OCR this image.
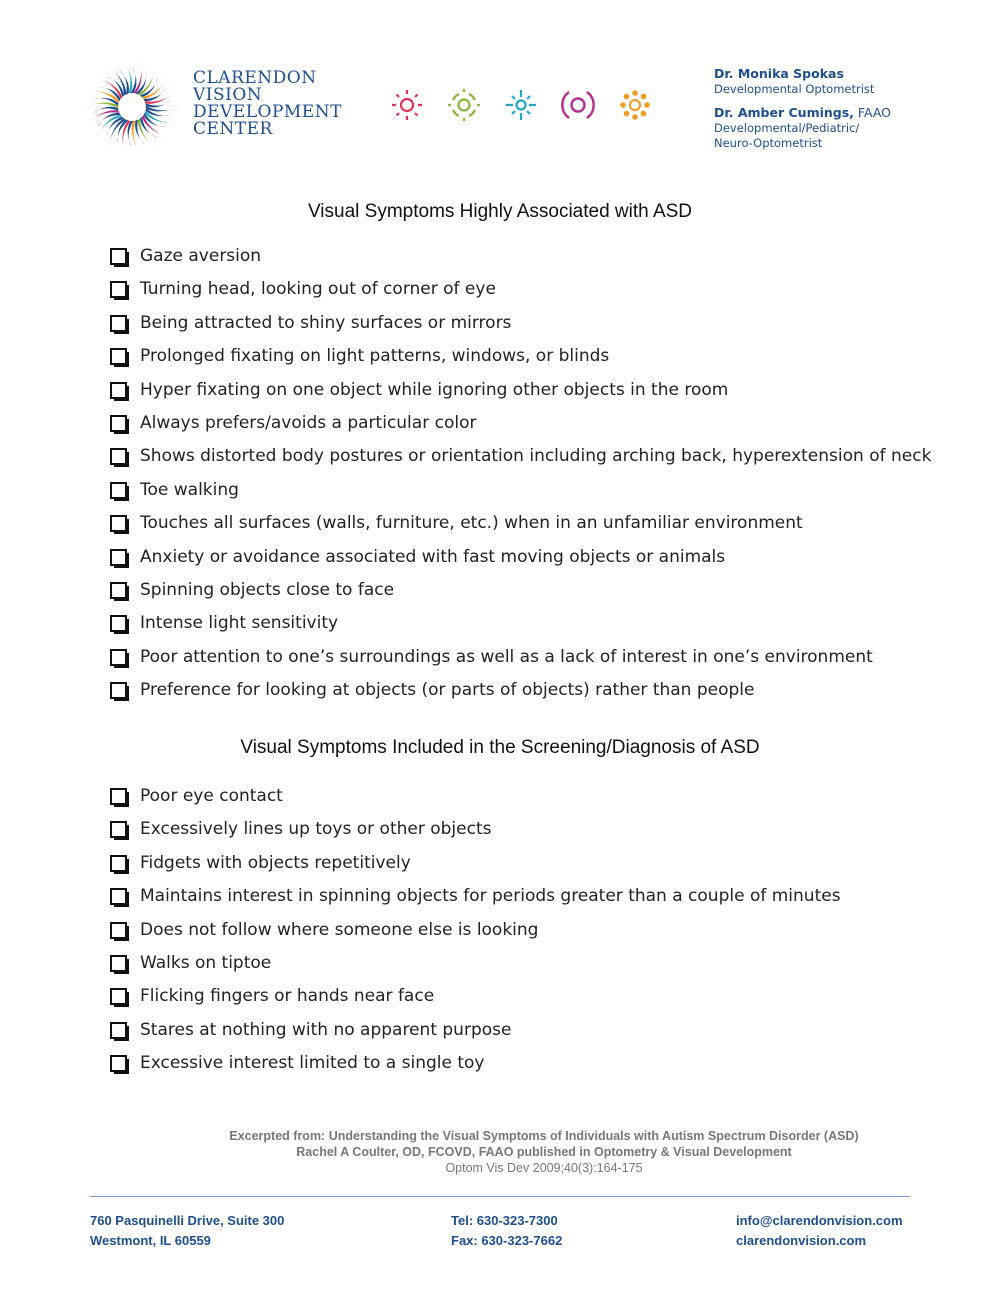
CLARENDON
VISION
DEVELOPMENT
CENTER
Dr. Monika Spokas
Developmental Optometrist
Dr. Amber Cumings, FAAO
Developmental/Pediatric/
Neuro-Optometrist
Visual Symptoms Highly Associated with ASD
Gaze aversion
Turning head, looking out of corner of eye
Being attracted to shiny surfaces or mirrors
Prolonged fixating on light patterns, windows, or blinds
Hyper fixating on one object while ignoring other objects in the room
Always prefers/avoids a particular color
Shows distorted body postures or orientation including arching back, hyperextension of neck
Toe walking
Touches all surfaces (walls, furniture, etc.) when in an unfamiliar environment
Anxiety or avoidance associated with fast moving objects or animals
Spinning objects close to face
Intense light sensitivity
Poor attention to one’s surroundings as well as a lack of interest in one’s environment
Preference for looking at objects (or parts of objects) rather than people
Visual Symptoms Included in the Screening/Diagnosis of ASD
Poor eye contact
Excessively lines up toys or other objects
Fidgets with objects repetitively
Maintains interest in spinning objects for periods greater than a couple of minutes
Does not follow where someone else is looking
Walks on tiptoe
Flicking fingers or hands near face
Stares at nothing with no apparent purpose
Excessive interest limited to a single toy
Excerpted from: Understanding the Visual Symptoms of Individuals with Autism Spectrum Disorder (ASD)
Rachel A Coulter, OD, FCOVD, FAAO published in Optometry & Visual Development
Optom Vis Dev 2009;40(3):164-175
760 Pasquinelli Drive, Suite 300
Westmont, IL 60559
Tel: 630-323-7300
Fax: 630-323-7662
info@clarendonvision.com
clarendonvision.com
